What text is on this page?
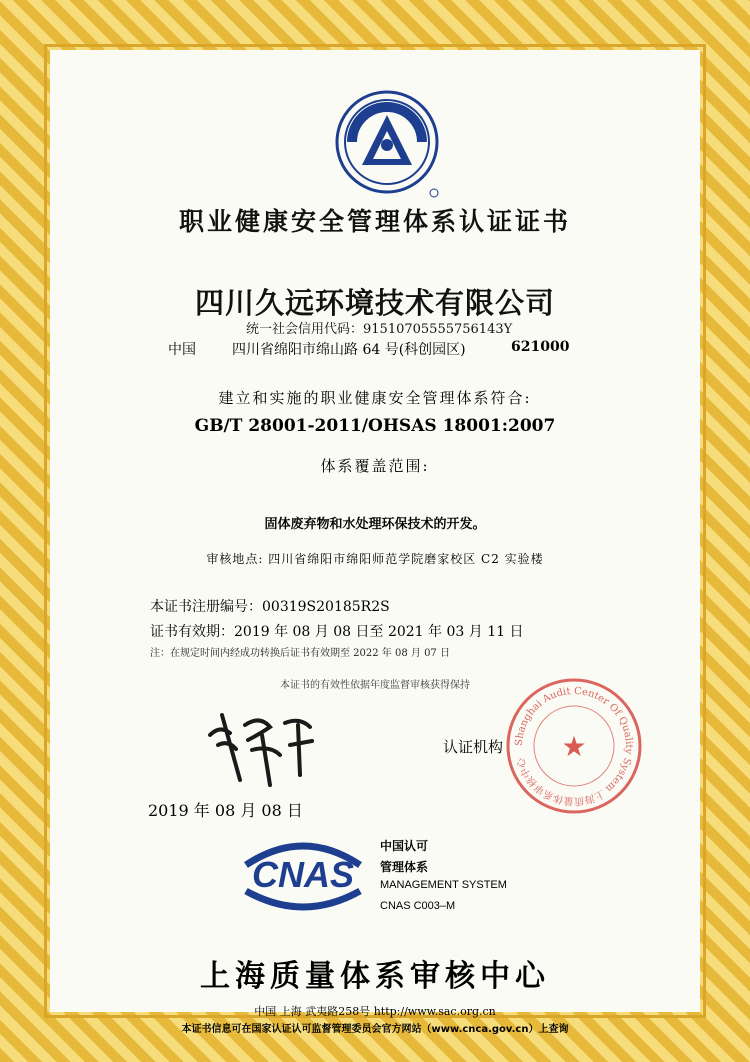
职业健康安全管理体系认证证书
四川久远环境技术有限公司
统一社会信用代码：91510705555756143Y
中国	四川省绵阳市绵山路 64 号(科创园区)	621000
建立和实施的职业健康安全管理体系符合:
GB/T 28001-2011/OHSAS 18001:2007
体系覆盖范围:
固体废弃物和水处理环保技术的开发。
审核地点: 四川省绵阳市绵阳师范学院磨家校区 C2 实验楼
本证书注册编号：00319S20185R2S
证书有效期：2019 年 08 月 08 日至 2021 年 03 月 11 日
注：在规定时间内经成功转换后证书有效期至 2022 年 08 月 07 日
本证书的有效性依据年度监督审核获得保持
认证机构 Shanghai Audit Center Of Quality System 上海质量体系审核中心	★
2019 年 08 月 08 日
CNAS
中国认可
管理体系
MANAGEMENT SYSTEM
CNAS C003–M
上海质量体系审核中心
中国 上海 武夷路258号 http://www.sac.org.cn
本证书信息可在国家认证认可监督管理委员会官方网站（www.cnca.gov.cn）上查询
